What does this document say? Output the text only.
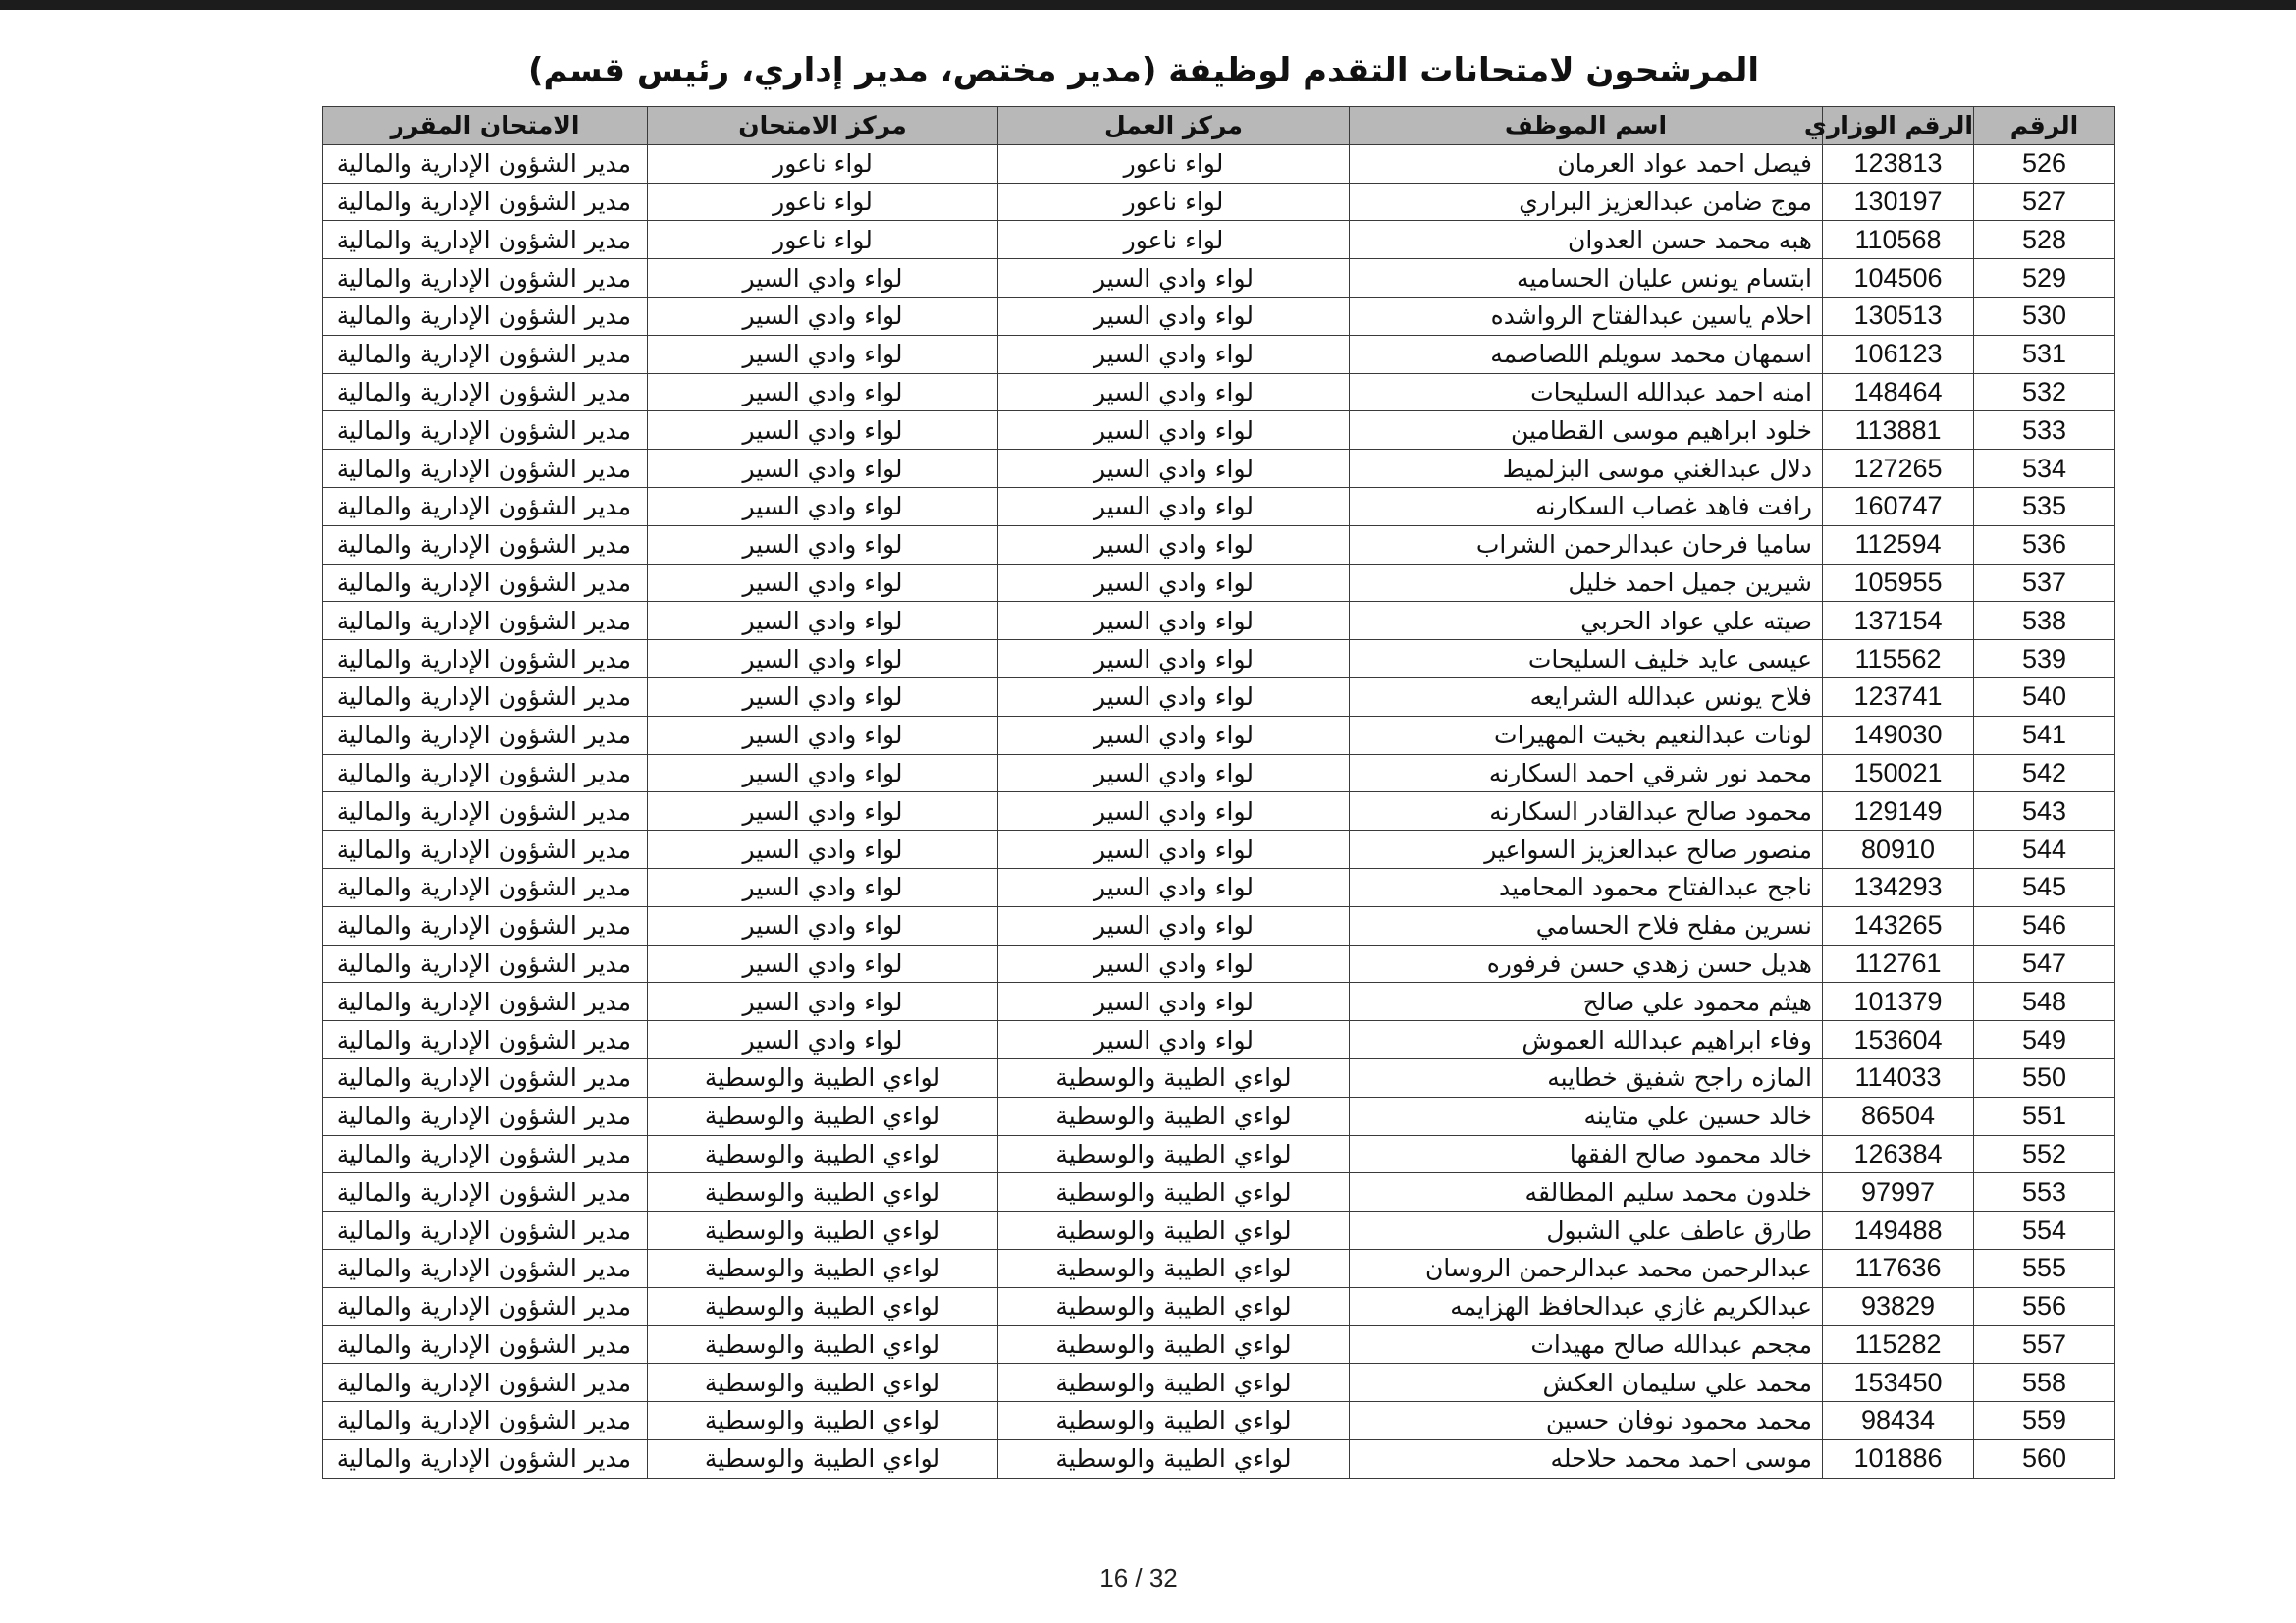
المرشحون لامتحانات التقدم لوظيفة (مدير مختص، مدير إداري، رئيس قسم)
الرقم	الرقم الوزاري	اسم الموظف	مركز العمل	مركز الامتحان	الامتحان المقرر
526	123813	فيصل احمد عواد العرمان	لواء ناعور	لواء ناعور	مدير الشؤون الإدارية والمالية
527	130197	موج ضامن عبدالعزيز البراري	لواء ناعور	لواء ناعور	مدير الشؤون الإدارية والمالية
528	110568	هبه محمد حسن العدوان	لواء ناعور	لواء ناعور	مدير الشؤون الإدارية والمالية
529	104506	ابتسام يونس عليان الحساميه	لواء وادي السير	لواء وادي السير	مدير الشؤون الإدارية والمالية
530	130513	احلام ياسين عبدالفتاح الرواشده	لواء وادي السير	لواء وادي السير	مدير الشؤون الإدارية والمالية
531	106123	اسمهان محمد سويلم اللصاصمه	لواء وادي السير	لواء وادي السير	مدير الشؤون الإدارية والمالية
532	148464	امنه احمد عبدالله السليحات	لواء وادي السير	لواء وادي السير	مدير الشؤون الإدارية والمالية
533	113881	خلود ابراهيم موسى القطامين	لواء وادي السير	لواء وادي السير	مدير الشؤون الإدارية والمالية
534	127265	دلال عبدالغني موسى البزلميط	لواء وادي السير	لواء وادي السير	مدير الشؤون الإدارية والمالية
535	160747	رافت فاهد غصاب السكارنه	لواء وادي السير	لواء وادي السير	مدير الشؤون الإدارية والمالية
536	112594	ساميا فرحان عبدالرحمن الشراب	لواء وادي السير	لواء وادي السير	مدير الشؤون الإدارية والمالية
537	105955	شيرين جميل احمد خليل	لواء وادي السير	لواء وادي السير	مدير الشؤون الإدارية والمالية
538	137154	صيته علي عواد الحربي	لواء وادي السير	لواء وادي السير	مدير الشؤون الإدارية والمالية
539	115562	عيسى عايد خليف السليحات	لواء وادي السير	لواء وادي السير	مدير الشؤون الإدارية والمالية
540	123741	فلاح يونس عبدالله الشرايعه	لواء وادي السير	لواء وادي السير	مدير الشؤون الإدارية والمالية
541	149030	لونات عبدالنعيم بخيت المهيرات	لواء وادي السير	لواء وادي السير	مدير الشؤون الإدارية والمالية
542	150021	محمد نور شرقي احمد السكارنه	لواء وادي السير	لواء وادي السير	مدير الشؤون الإدارية والمالية
543	129149	محمود صالح عبدالقادر السكارنه	لواء وادي السير	لواء وادي السير	مدير الشؤون الإدارية والمالية
544	80910	منصور صالح عبدالعزيز السواعير	لواء وادي السير	لواء وادي السير	مدير الشؤون الإدارية والمالية
545	134293	ناجح عبدالفتاح محمود المحاميد	لواء وادي السير	لواء وادي السير	مدير الشؤون الإدارية والمالية
546	143265	نسرين مفلح فلاح الحسامي	لواء وادي السير	لواء وادي السير	مدير الشؤون الإدارية والمالية
547	112761	هديل حسن زهدي حسن فرفوره	لواء وادي السير	لواء وادي السير	مدير الشؤون الإدارية والمالية
548	101379	هيثم محمود علي صالح	لواء وادي السير	لواء وادي السير	مدير الشؤون الإدارية والمالية
549	153604	وفاء ابراهيم عبدالله العموش	لواء وادي السير	لواء وادي السير	مدير الشؤون الإدارية والمالية
550	114033	المازه راجح شفيق خطايبه	لواءي الطيبة والوسطية	لواءي الطيبة والوسطية	مدير الشؤون الإدارية والمالية
551	86504	خالد حسين علي متاينه	لواءي الطيبة والوسطية	لواءي الطيبة والوسطية	مدير الشؤون الإدارية والمالية
552	126384	خالد محمود صالح الفقها	لواءي الطيبة والوسطية	لواءي الطيبة والوسطية	مدير الشؤون الإدارية والمالية
553	97997	خلدون محمد سليم المطالقه	لواءي الطيبة والوسطية	لواءي الطيبة والوسطية	مدير الشؤون الإدارية والمالية
554	149488	طارق عاطف علي الشبول	لواءي الطيبة والوسطية	لواءي الطيبة والوسطية	مدير الشؤون الإدارية والمالية
555	117636	عبدالرحمن محمد عبدالرحمن الروسان	لواءي الطيبة والوسطية	لواءي الطيبة والوسطية	مدير الشؤون الإدارية والمالية
556	93829	عبدالكريم غازي عبدالحافظ الهزايمه	لواءي الطيبة والوسطية	لواءي الطيبة والوسطية	مدير الشؤون الإدارية والمالية
557	115282	مجحم عبدالله صالح مهيدات	لواءي الطيبة والوسطية	لواءي الطيبة والوسطية	مدير الشؤون الإدارية والمالية
558	153450	محمد علي سليمان العكش	لواءي الطيبة والوسطية	لواءي الطيبة والوسطية	مدير الشؤون الإدارية والمالية
559	98434	محمد محمود نوفان حسين	لواءي الطيبة والوسطية	لواءي الطيبة والوسطية	مدير الشؤون الإدارية والمالية
560	101886	موسى احمد محمد حلاحله	لواءي الطيبة والوسطية	لواءي الطيبة والوسطية	مدير الشؤون الإدارية والمالية
16 / 32
